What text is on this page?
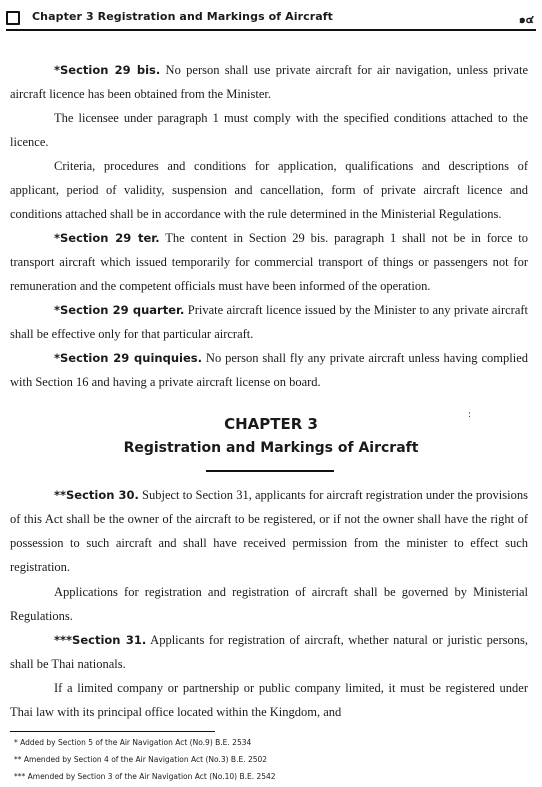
Chapter 3 Registration and Markings of Aircraft	๑๔

*Section 29 bis. No person shall use private aircraft for air navigation, unless private aircraft licence has been obtained from the Minister.

The licensee under paragraph 1 must comply with the specified conditions attached to the licence.

Criteria, procedures and conditions for application, qualifications and descriptions of applicant, period of validity, suspension and cancellation, form of private aircraft licence and conditions attached shall be in accordance with the rule determined in the Ministerial Regulations.

*Section 29 ter. The content in Section 29 bis. paragraph 1 shall not be in force to transport aircraft which issued temporarily for commercial transport of things or passengers not for remuneration and the competent officials must have been informed of the operation.

*Section 29 quarter. Private aircraft licence issued by the Minister to any private aircraft shall be effective only for that particular aircraft.

*Section 29 quinquies. No person shall fly any private aircraft unless having complied with Section 16 and having a private aircraft license on board.

:
CHAPTER 3
Registration and Markings of Aircraft

**Section 30. Subject to Section 31, applicants for aircraft registration under the provisions of this Act shall be the owner of the aircraft to be registered, or if not the owner shall have the right of possession to such aircraft and shall have received permission from the minister to effect such registration.

Applications for registration and registration of aircraft shall be governed by Ministerial Regulations.

***Section 31. Applicants for registration of aircraft, whether natural or juristic persons, shall be Thai nationals.

If a limited company or partnership or public company limited, it must be registered under Thai law with its principal office located within the Kingdom, and

* Added by Section 5 of the Air Navigation Act (No.9) B.E. 2534
** Amended by Section 4 of the Air Navigation Act (No.3) B.E. 2502
*** Amended by Section 3 of the Air Navigation Act (No.10) B.E. 2542
